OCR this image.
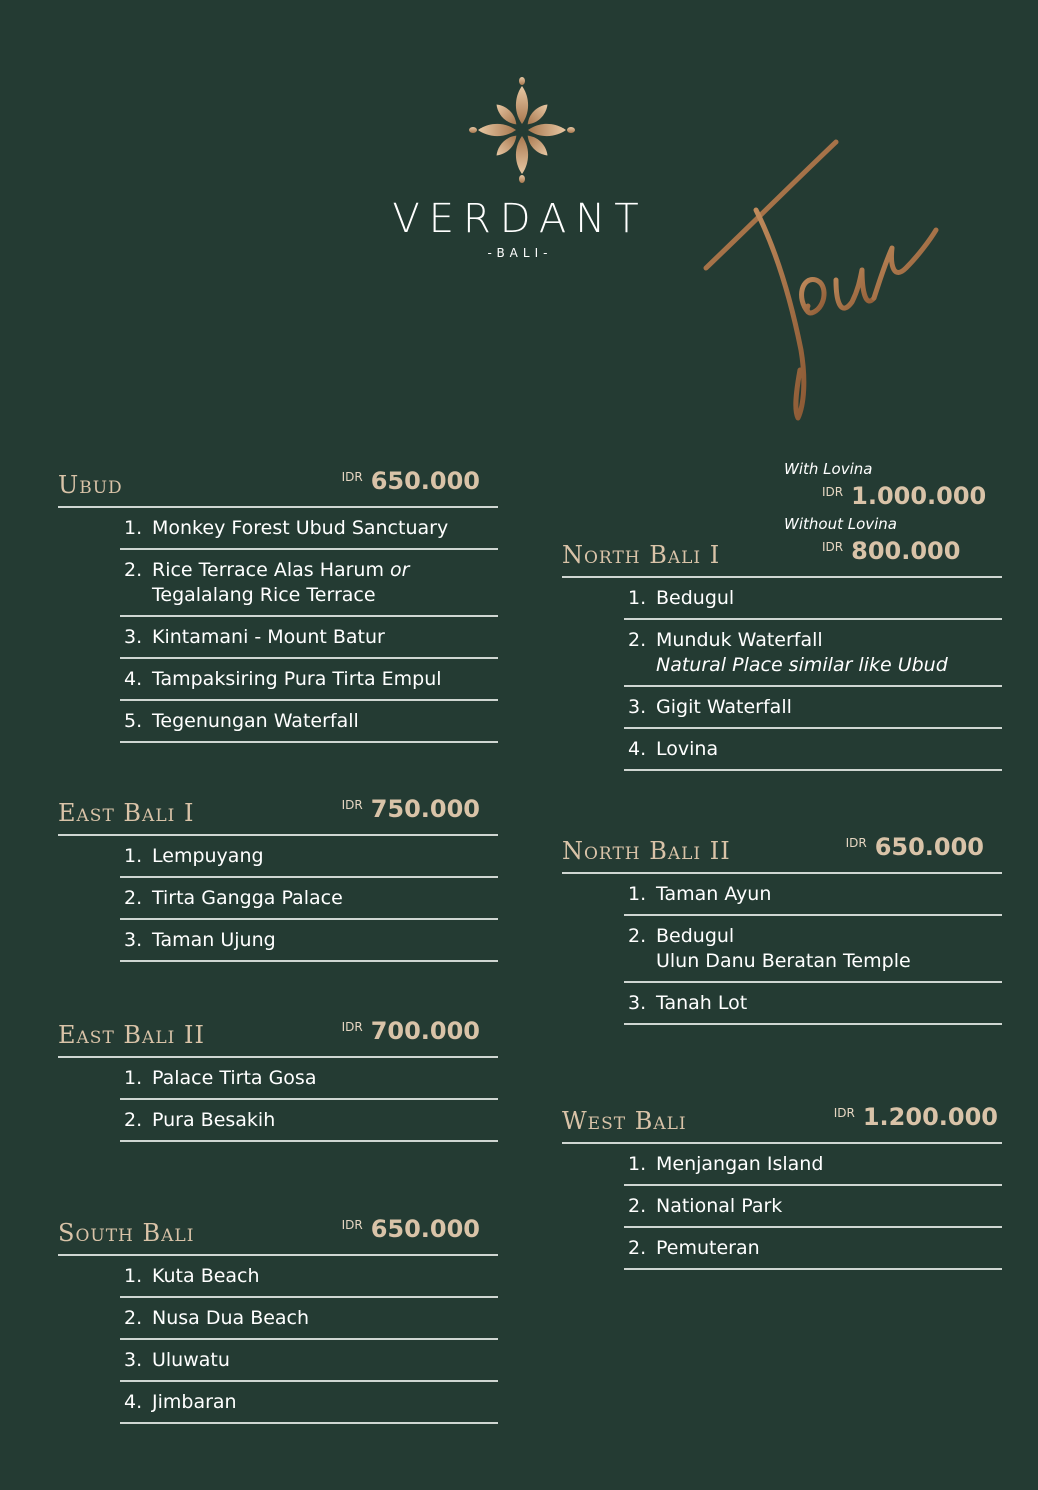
VERDANT
-BALI-
Ubud	$^{IDR}$ 650.000
1. Monkey Forest Ubud Sanctuary
2. Rice Terrace Alas Harum or
Tegalalang Rice Terrace
3. Kintamani - Mount Batur
4. Tampaksiring Pura Tirta Empul
5. Tegenungan Waterfall
East Bali I	$^{IDR}$ 750.000
1. Lempuyang
2. Tirta Gangga Palace
3. Taman Ujung
East Bali II	$^{IDR}$ 700.000
1. Palace Tirta Gosa
2. Pura Besakih
South Bali	$^{IDR}$ 650.000
1. Kuta Beach
2. Nusa Dua Beach
3. Uluwatu
4. Jimbaran
North Bali I
With Lovina
$^{IDR}$ 1.000.000
Without Lovina
$^{IDR}$ 800.000
1. Bedugul
2. Munduk Waterfall
Natural Place similar like Ubud
3. Gigit Waterfall
4. Lovina
North Bali II	$^{IDR}$ 650.000
1. Taman Ayun
2. Bedugul
Ulun Danu Beratan Temple
3. Tanah Lot
West Bali	$^{IDR}$ 1.200.000
1. Menjangan Island
2. National Park
2. Pemuteran
